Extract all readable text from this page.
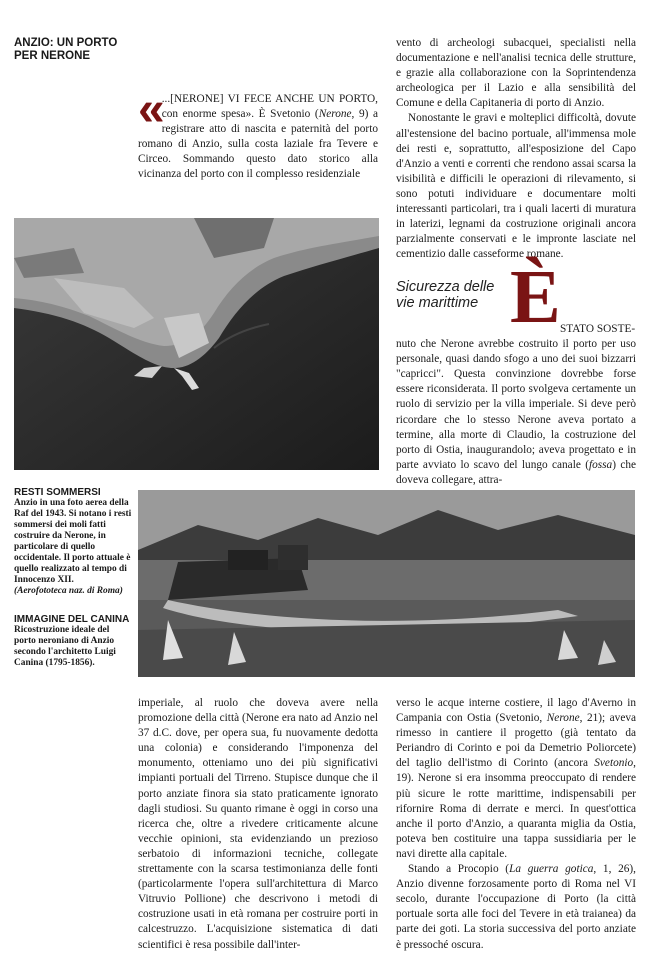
ANZIO: UN PORTO PER NERONE

« ...[NERONE] VI FECE ANCHE UN PORTO, con enorme spesa». È Svetonio (Nerone, 9) a registrare atto di nascita e paternità del porto romano di Anzio, sulla costa laziale fra Tevere e Circeo. Sommando questo dato storico alla vicinanza del porto con il complesso residenziale

vento di archeologi subacquei, specialisti nella documentazione e nell'analisi tecnica delle strutture, e grazie alla collaborazione con la Soprintendenza archeologica per il Lazio e alla sensibilità del Comune e della Capitaneria di porto di Anzio.

Nonostante le gravi e molteplici difficoltà, dovute all'estensione del bacino portuale, all'immensa mole dei resti e, soprattutto, all'esposizione del Capo d'Anzio a venti e correnti che rendono assai scarsa la visibilità e difficili le operazioni di rilevamento, si sono potuti individuare e documentare molti interessanti particolari, tra i quali lacerti di muratura in laterizi, legnami da costruzione originali ancora parzialmente conservati e le impronte lasciate nel cementizio dalle casseforme romane.

Sicurezza delle vie marittime È STATO SOSTE-
nuto che Nerone avrebbe costruito il porto per uso personale, quasi dando sfogo a uno dei suoi bizzarri "capricci". Questa convinzione dovrebbe forse essere riconsiderata. Il porto svolgeva certamente un ruolo di servizio per la villa imperiale. Si deve però ricordare che lo stesso Nerone aveva portato a termine, alla morte di Claudio, la costruzione del porto di Ostia, inaugurandolo; aveva progettato e in parte avviato lo scavo del lungo canale (fossa) che doveva collegare, attra-

RESTI SOMMERSI
Anzio in una foto aerea della Raf del 1943. Si notano i resti sommersi dei moli fatti costruire da Nerone, in particolare di quello occidentale. Il porto attuale è quello realizzato al tempo di Innocenzo XII.
(Aerofototeca naz. di Roma)
IMMAGINE DEL CANINA
Ricostruzione ideale del porto neroniano di Anzio secondo l'architetto Luigi Canina (1795-1856).

imperiale, al ruolo che doveva avere nella promozione della città (Nerone era nato ad Anzio nel 37 d.C. dove, per opera sua, fu nuovamente dedotta una colonia) e considerando l'imponenza del monumento, otteniamo uno dei più significativi impianti portuali del Tirreno. Stupisce dunque che il porto anziate finora sia stato praticamente ignorato dagli studiosi. Su quanto rimane è oggi in corso una ricerca che, oltre a rivedere criticamente alcune vecchie opinioni, sta evidenziando un prezioso serbatoio di informazioni tecniche, collegate strettamente con la scarsa testimonianza delle fonti (particolarmente l'opera sull'architettura di Marco Vitruvio Pollione) che descrivono i metodi di costruzione usati in età romana per costruire porti in calcestruzzo. L'acquisizione sistematica di dati scientifici è resa possibile dall'inter-

verso le acque interne costiere, il lago d'Averno in Campania con Ostia (Svetonio, Nerone, 21); aveva rimesso in cantiere il progetto (già tentato da Periandro di Corinto e poi da Demetrio Poliorcete) del taglio dell'istmo di Corinto (ancora Svetonio, 19). Nerone si era insomma preoccupato di rendere più sicure le rotte marittime, indispensabili per rifornire Roma di derrate e merci. In quest'ottica anche il porto d'Anzio, a quaranta miglia da Ostia, poteva ben costituire una tappa sussidiaria per le navi dirette alla capitale.

Stando a Procopio (La guerra gotica, 1, 26), Anzio divenne forzosamente porto di Roma nel VI secolo, durante l'occupazione di Porto (la città portuale sorta alle foci del Tevere in età traianea) da parte dei goti. La storia successiva del porto anziate è pressoché oscura.
